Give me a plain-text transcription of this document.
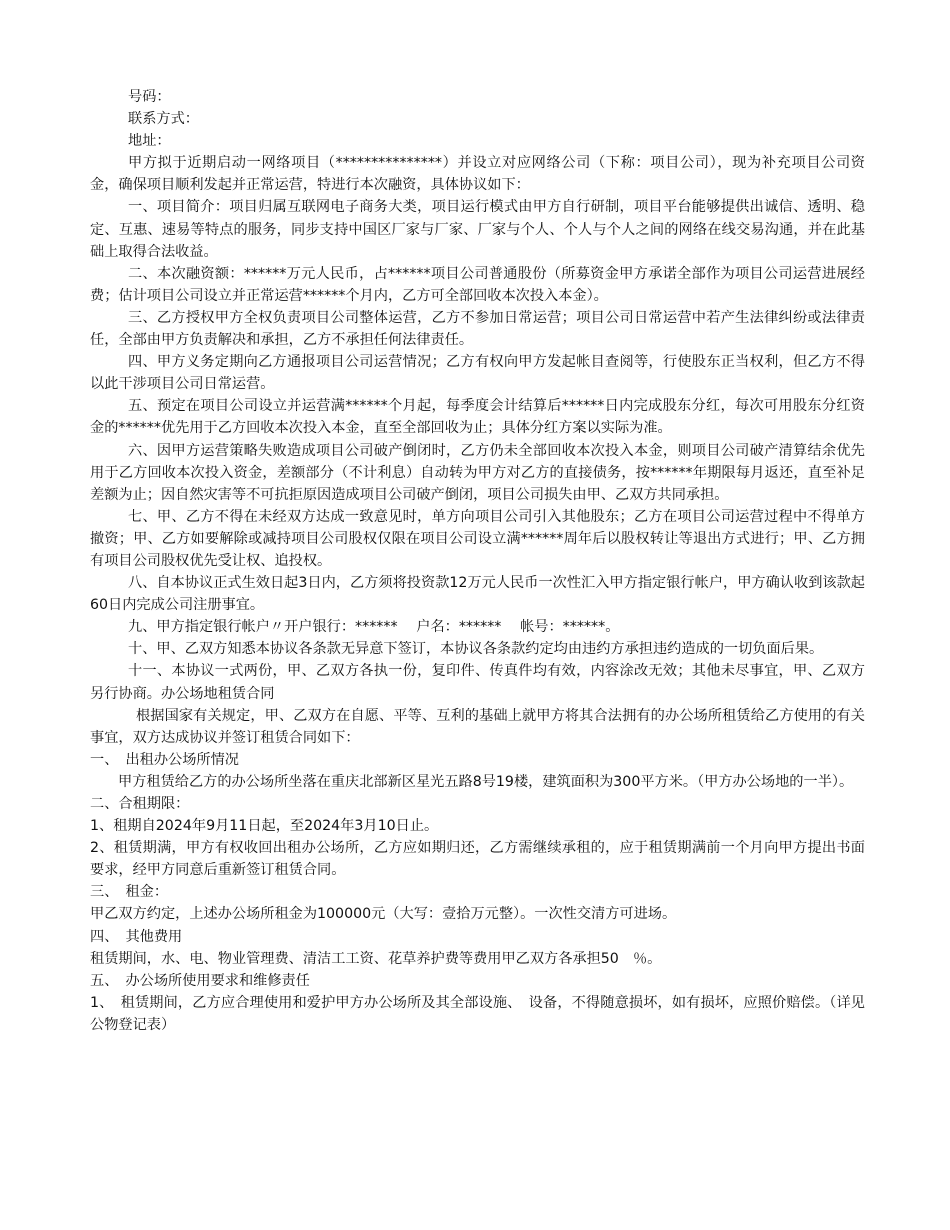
号码：

联系方式：

地址：

甲方拟于近期启动一网络项目（***************）并设立对应网络公司（下称：项目公司），现为补充项目公司资金，确保项目顺利发起并正常运营，特进行本次融资，具体协议如下：

一、项目简介：项目归属互联网电子商务大类，项目运行模式由甲方自行研制，项目平台能够提供出诚信、透明、稳定、互惠、速易等特点的服务，同步支持中国区厂家与厂家、厂家与个人、个人与个人之间的网络在线交易沟通，并在此基础上取得合法收益。

二、本次融资额：******万元人民币，占******项目公司普通股份（所募资金甲方承诺全部作为项目公司运营进展经费；估计项目公司设立并正常运营******个月内，乙方可全部回收本次投入本金）。

三、乙方授权甲方全权负责项目公司整体运营，乙方不参加日常运营；项目公司日常运营中若产生法律纠纷或法律责任，全部由甲方负责解决和承担，乙方不承担任何法律责任。

四、甲方义务定期向乙方通报项目公司运营情况；乙方有权向甲方发起帐目查阅等，行使股东正当权利，但乙方不得以此干涉项目公司日常运营。

五、预定在项目公司设立并运营满******个月起，每季度会计结算后******日内完成股东分红，每次可用股东分红资金的******优先用于乙方回收本次投入本金，直至全部回收为止；具体分红方案以实际为准。

六、因甲方运营策略失败造成项目公司破产倒闭时，乙方仍未全部回收本次投入本金，则项目公司破产清算结余优先用于乙方回收本次投入资金，差额部分（不计利息）自动转为甲方对乙方的直接债务，按******年期限每月返还，直至补足差额为止；因自然灾害等不可抗拒原因造成项目公司破产倒闭，项目公司损失由甲、乙双方共同承担。

七、甲、乙方不得在未经双方达成一致意见时，单方向项目公司引入其他股东；乙方在项目公司运营过程中不得单方撤资；甲、乙方如要解除或减持项目公司股权仅限在项目公司设立满******周年后以股权转让等退出方式进行；甲、乙方拥有项目公司股权优先受让权、追投权。

八、自本协议正式生效日起3日内，乙方须将投资款12万元人民币一次性汇入甲方指定银行帐户，甲方确认收到该款起60日内完成公司注册事宜。

九、甲方指定银行帐户〃开户银行：******　 户名：******　 帐号：******。

十、甲、乙双方知悉本协议各条款无异意下签订，本协议各条款约定均由违约方承担违约造成的一切负面后果。

十一、本协议一式两份，甲、乙双方各执一份，复印件、传真件均有效，内容涂改无效；其他未尽事宜，甲、乙双方另行协商。办公场地租赁合同

根据国家有关规定，甲、乙双方在自愿、平等、互利的基础上就甲方将其合法拥有的办公场所租赁给乙方使用的有关事宜，双方达成协议并签订租赁合同如下：

一、　出租办公场所情况

甲方租赁给乙方的办公场所坐落在重庆北部新区星光五路8号19楼，建筑面积为300平方米。（甲方办公场地的一半）。

二、合租期限：

1、租期自2024年9月11日起，至2024年3月10日止。

2、租赁期满，甲方有权收回出租办公场所，乙方应如期归还，乙方需继续承租的，应于租赁期满前一个月向甲方提出书面要求，经甲方同意后重新签订租赁合同。

三、　租金：

甲乙双方约定，上述办公场所租金为100000元（大写：壹拾万元整）。一次性交清方可进场。

四、　其他费用

租赁期间，水、电、物业管理费、清洁工工资、花草养护费等费用甲乙双方各承担50　％。

五、　办公场所使用要求和维修责任

1、　租赁期间，乙方应合理使用和爱护甲方办公场所及其全部设施、　设备，不得随意损坏，如有损坏，应照价赔偿。（详见公物登记表）
